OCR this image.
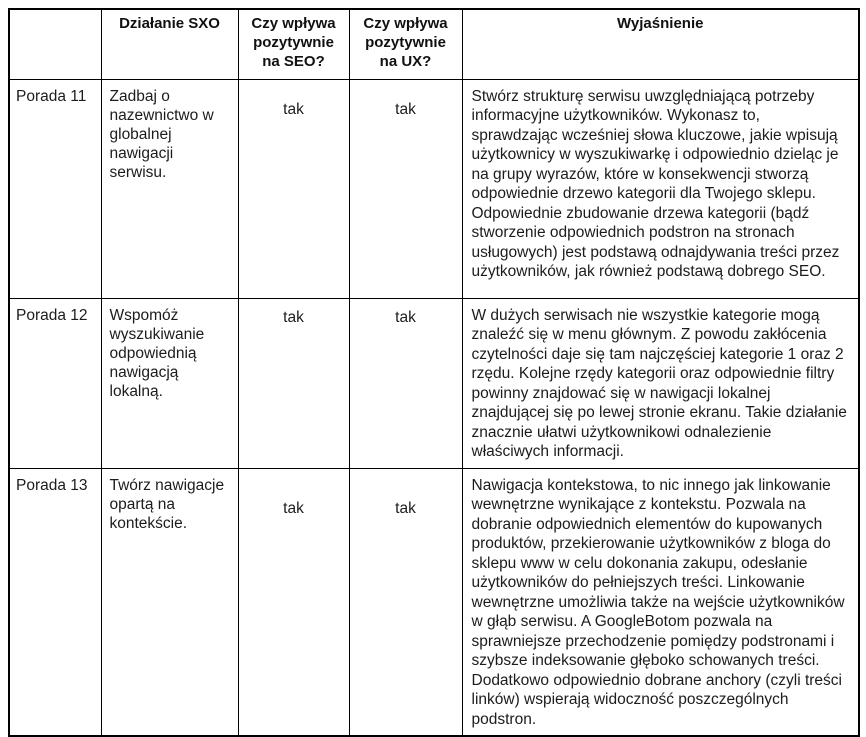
	Działanie SXO	Czy wpływa pozytywnie na SEO?	Czy wpływa pozytywnie na UX?	Wyjaśnienie
Porada 11	Zadbaj o nazewnictwo w globalnej nawigacji serwisu.	tak	tak	Stwórz strukturę serwisu uwzględniającą potrzeby informacyjne użytkowników. Wykonasz to, sprawdzając wcześniej słowa kluczowe, jakie wpisują użytkownicy w wyszukiwarkę i odpowiednio dzieląc je na grupy wyrazów, które w konsekwencji stworzą odpowiednie drzewo kategorii dla Twojego sklepu. Odpowiednie zbudowanie drzewa kategorii (bądź stworzenie odpowiednich podstron na stronach usługowych) jest podstawą odnajdywania treści przez użytkowników, jak również podstawą dobrego SEO.
Porada 12	Wspomóż wyszukiwanie odpowiednią nawigacją lokalną.	tak	tak	W dużych serwisach nie wszystkie kategorie mogą znaleźć się w menu głównym. Z powodu zakłócenia czytelności daje się tam najczęściej kategorie 1 oraz 2 rzędu. Kolejne rzędy kategorii oraz odpowiednie filtry powinny znajdować się w nawigacji lokalnej znajdującej się po lewej stronie ekranu. Takie działanie znacznie ułatwi użytkownikowi odnalezienie właściwych informacji.
Porada 13	Twórz nawigacje opartą na kontekście.	tak	tak	Nawigacja kontekstowa, to nic innego jak linkowanie wewnętrzne wynikające z kontekstu. Pozwala na dobranie odpowiednich elementów do kupowanych produktów, przekierowanie użytkowników z bloga do sklepu www w celu dokonania zakupu, odesłanie użytkowników do pełniejszych treści. Linkowanie wewnętrzne umożliwia także na wejście użytkowników w głąb serwisu. A GoogleBotom pozwala na sprawniejsze przechodzenie pomiędzy podstronami i szybsze indeksowanie głęboko schowanych treści. Dodatkowo odpowiednio dobrane anchory (czyli treści linków) wspierają widoczność poszczególnych podstron.
